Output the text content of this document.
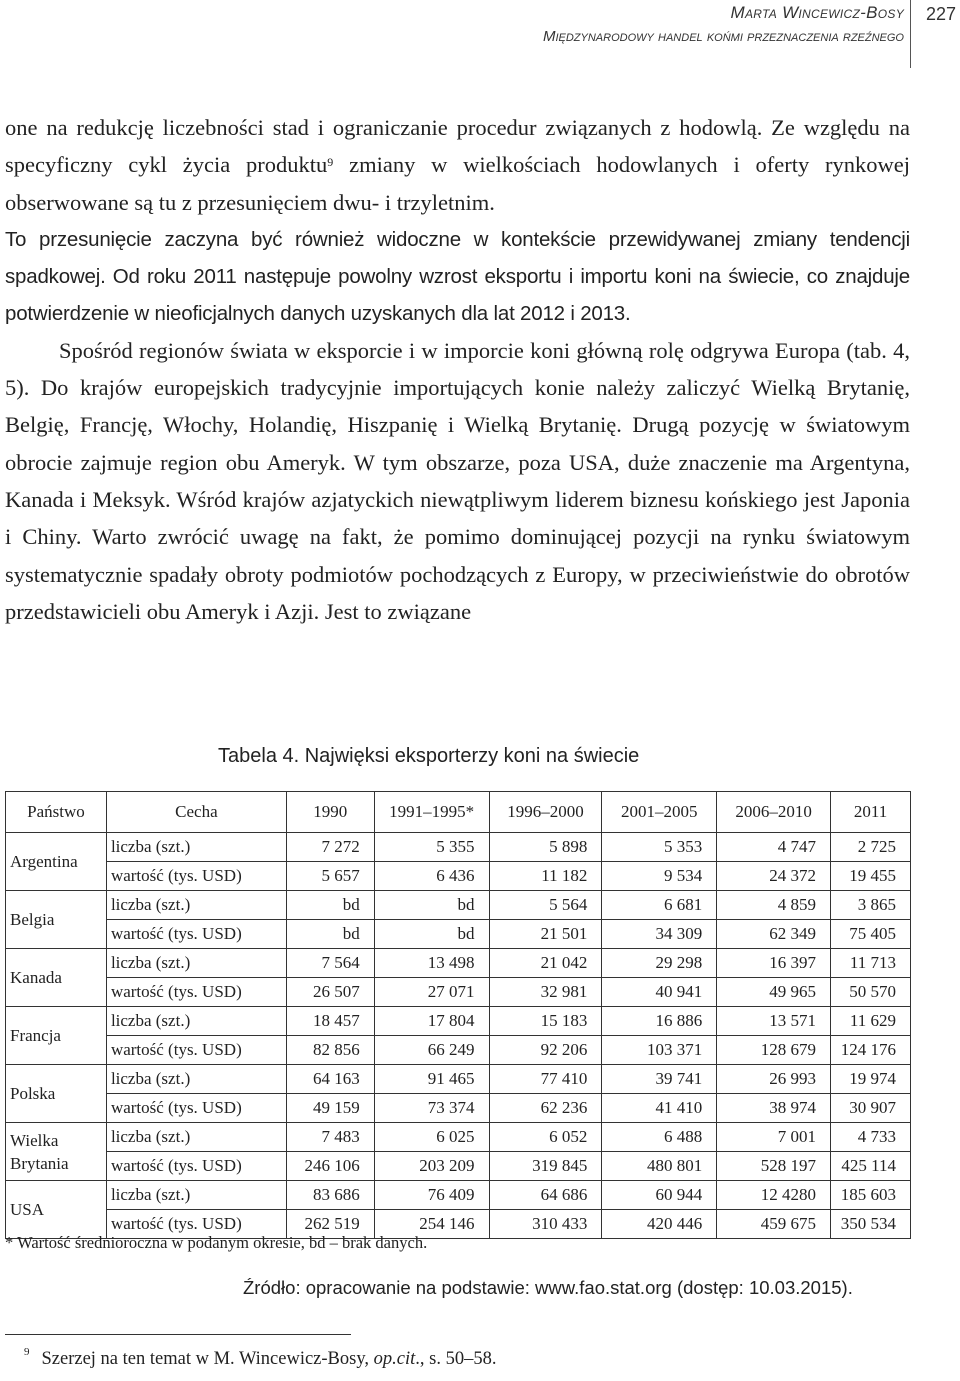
Marta Wincewicz-Bosy
Międzynarodowy handel końmi przeznaczenia rzeźnego
227

one na redukcję liczebności stad i ograniczanie procedur związanych z hodowlą. Ze względu na specyficzny cykl życia produktu$^9$ zmiany w wielkościach hodowlanych i oferty rynkowej obserwowane są tu z przesunięciem dwu- i trzyletnim.

To przesunięcie zaczyna być również widoczne w kontekście przewidywanej zmiany tendencji spadkowej. Od roku 2011 następuje powolny wzrost eksportu i importu koni na świecie, co znajduje potwierdzenie w nieoficjalnych danych uzyskanych dla lat 2012 i 2013.

Spośród regionów świata w eksporcie i w imporcie koni główną rolę odgrywa Europa (tab. 4, 5). Do krajów europejskich tradycyjnie importujących konie należy zaliczyć Wielką Brytanię, Belgię, Francję, Włochy, Holandię, Hiszpanię i Wielką Brytanię. Drugą pozycję w światowym obrocie zajmuje region obu Ameryk. W tym obszarze, poza USA, duże znaczenie ma Argentyna, Kanada i Meksyk. Wśród krajów azjatyckich niewątpliwym liderem biznesu końskiego jest Japonia i Chiny. Warto zwrócić uwagę na fakt, że pomimo dominującej pozycji na rynku światowym systematycznie spadały obroty podmiotów pochodzących z Europy, w przeciwieństwie do obrotów przedstawicieli obu Ameryk i Azji. Jest to związane

Tabela 4. Najwięksi eksporterzy koni na świecie
Państwo	Cecha	1990	1991–1995*	1996–2000	2001–2005	2006–2010	2011
Argentina	liczba (szt.)	7 272	5 355	5 898	5 353	4 747	2 725
	wartość (tys. USD)	5 657	6 436	11 182	9 534	24 372	19 455
Belgia	liczba (szt.)	bd	bd	5 564	6 681	4 859	3 865
	wartość (tys. USD)	bd	bd	21 501	34 309	62 349	75 405
Kanada	liczba (szt.)	7 564	13 498	21 042	29 298	16 397	11 713
	wartość (tys. USD)	26 507	27 071	32 981	40 941	49 965	50 570
Francja	liczba (szt.)	18 457	17 804	15 183	16 886	13 571	11 629
	wartość (tys. USD)	82 856	66 249	92 206	103 371	128 679	124 176
Polska	liczba (szt.)	64 163	91 465	77 410	39 741	26 993	19 974
	wartość (tys. USD)	49 159	73 374	62 236	41 410	38 974	30 907
Wielka Brytania	liczba (szt.)	7 483	6 025	6 052	6 488	7 001	4 733
	wartość (tys. USD)	246 106	203 209	319 845	480 801	528 197	425 114
USA	liczba (szt.)	83 686	76 409	64 686	60 944	12 4280	185 603
	wartość (tys. USD)	262 519	254 146	310 433	420 446	459 675	350 534
* Wartość średnioroczna w podanym okresie, bd – brak danych.
Źródło: opracowanie na podstawie: www.fao.stat.org (dostęp: 10.03.2015).
$^9$ Szerzej na ten temat w M. Wincewicz-Bosy, op.cit., s. 50–58.
